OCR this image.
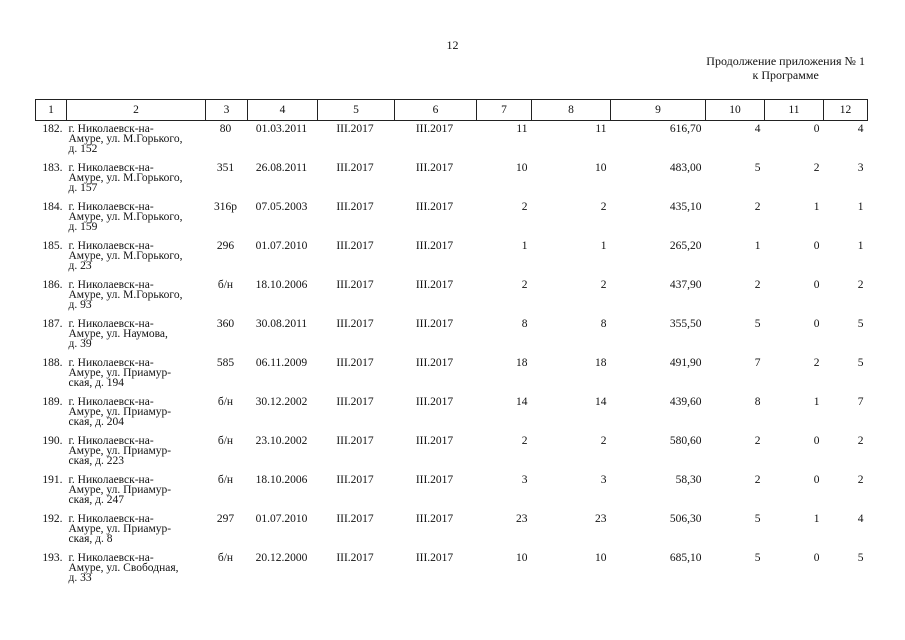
12
Продолжение приложения № 1
к Программе
1	2	3	4	5	6	7	8	9	10	11	12
182.	г. Николаевск-на-
Амуре, ул. М.Горького,
д. 152	80	01.03.2011	III.2017	III.2017	11	11	616,70	4	0	4
183.	г. Николаевск-на-
Амуре, ул. М.Горького,
д. 157	351	26.08.2011	III.2017	III.2017	10	10	483,00	5	2	3
184.	г. Николаевск-на-
Амуре, ул. М.Горького,
д. 159	316р	07.05.2003	III.2017	III.2017	2	2	435,10	2	1	1
185.	г. Николаевск-на-
Амуре, ул. М.Горького,
д. 23	296	01.07.2010	III.2017	III.2017	1	1	265,20	1	0	1
186.	г. Николаевск-на-
Амуре, ул. М.Горького,
д. 93	б/н	18.10.2006	III.2017	III.2017	2	2	437,90	2	0	2
187.	г. Николаевск-на-
Амуре, ул. Наумова,
д. 39	360	30.08.2011	III.2017	III.2017	8	8	355,50	5	0	5
188.	г. Николаевск-на-
Амуре, ул. Приамур-
ская, д. 194	585	06.11.2009	III.2017	III.2017	18	18	491,90	7	2	5
189.	г. Николаевск-на-
Амуре, ул. Приамур-
ская, д. 204	б/н	30.12.2002	III.2017	III.2017	14	14	439,60	8	1	7
190.	г. Николаевск-на-
Амуре, ул. Приамур-
ская, д. 223	б/н	23.10.2002	III.2017	III.2017	2	2	580,60	2	0	2
191.	г. Николаевск-на-
Амуре, ул. Приамур-
ская, д. 247	б/н	18.10.2006	III.2017	III.2017	3	3	58,30	2	0	2
192.	г. Николаевск-на-
Амуре, ул. Приамур-
ская, д. 8	297	01.07.2010	III.2017	III.2017	23	23	506,30	5	1	4
193.	г. Николаевск-на-
Амуре, ул. Свободная,
д. 33	б/н	20.12.2000	III.2017	III.2017	10	10	685,10	5	0	5
